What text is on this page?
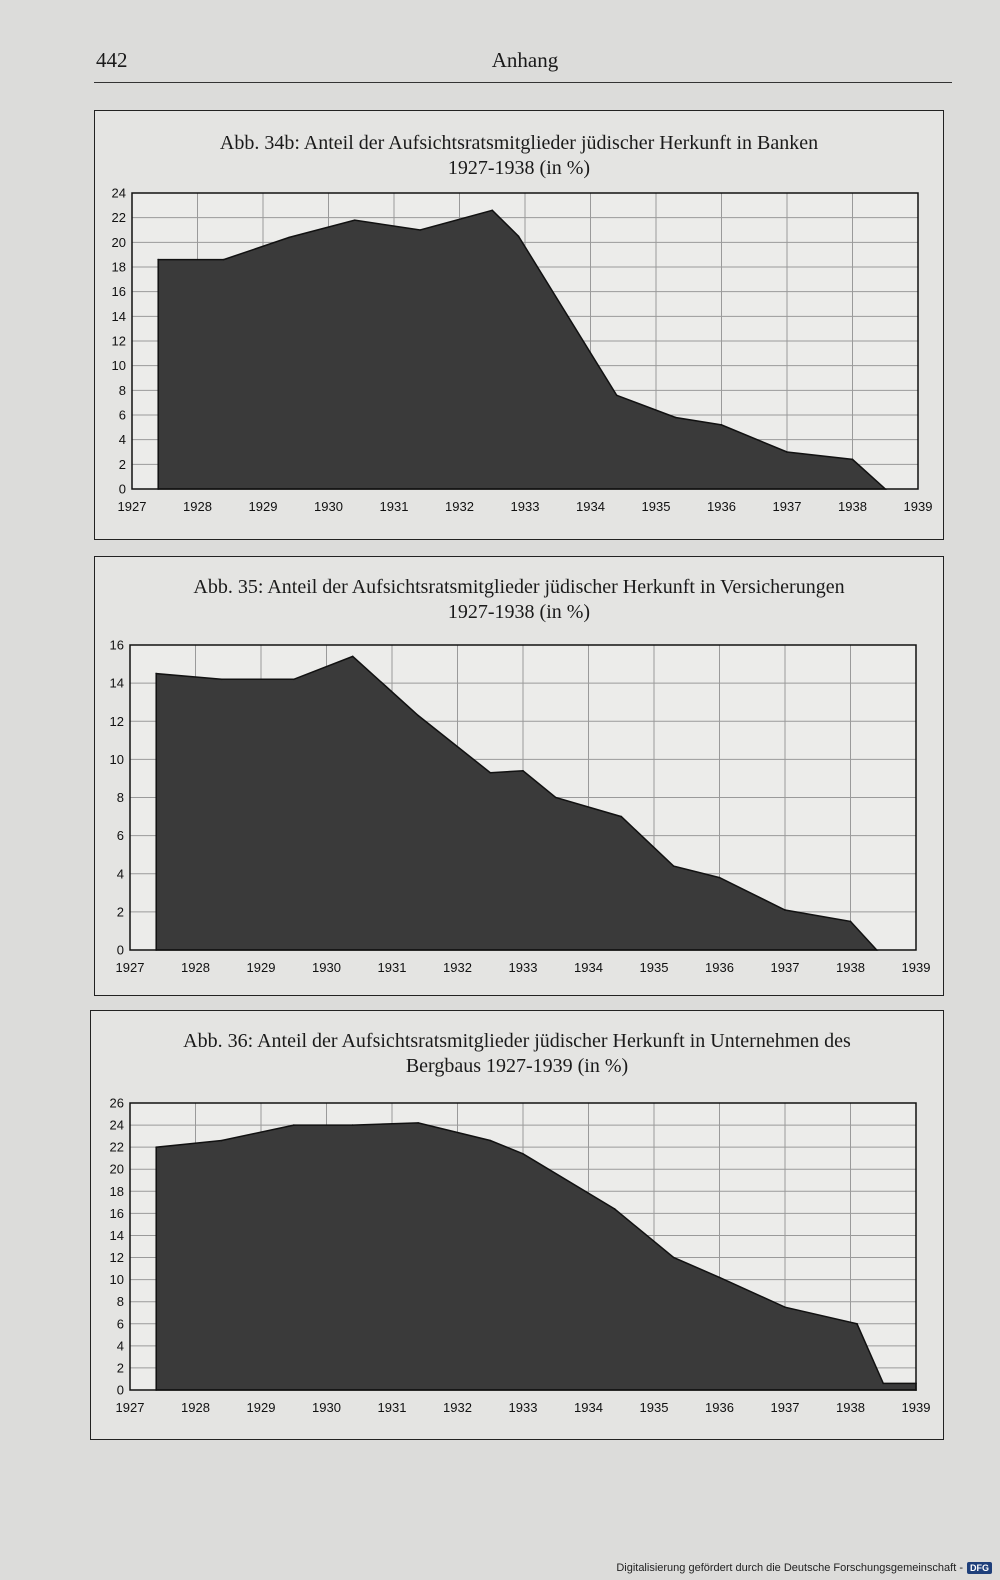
442	Anhang
Abb. 34b: Anteil der Aufsichtsratsmitglieder jüdischer Herkunft in Banken
1927-1938 (in %)
0
2
4
6
8
10
12
14
16
18
20
22
24
1927	1928	1929	1930	1931	1932	1933	1934	1935	1936	1937	1938	1939
Abb. 35: Anteil der Aufsichtsratsmitglieder jüdischer Herkunft in Versicherungen
1927-1938 (in %)
0
2
4
6
8
10
12
14
16
1927	1928	1929	1930	1931	1932	1933	1934	1935	1936	1937	1938	1939
Abb. 36: Anteil der Aufsichtsratsmitglieder jüdischer Herkunft in Unternehmen des
Bergbaus 1927-1939 (in %)
0
2
4
6
8
10
12
14
16
18
20
22
24
26
1927	1928	1929	1930	1931	1932	1933	1934	1935	1936	1937	1938	1939
Digitalisierung gefördert durch die Deutsche Forschungsgemeinschaft - DFG
